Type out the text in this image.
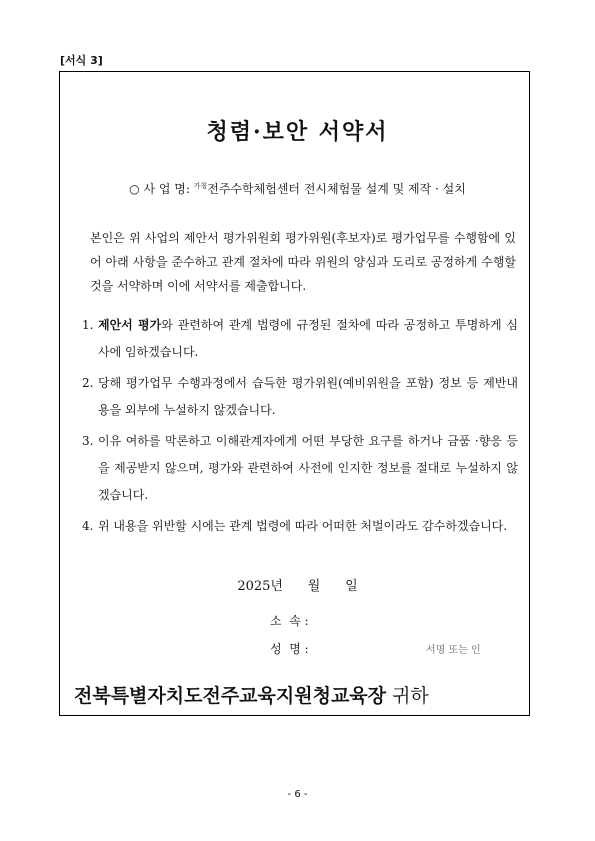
[서식 3]
청렴·보안 서약서
○ 사 업 명: $^{가칭}$전주수학체험센터 전시체험물 설계 및 제작 · 설치
본인은 위 사업의 제안서 평가위원회 평가위원(후보자)로 평가업무를 수행함에 있어 아래 사항을 준수하고 관계 절차에 따라 위원의 양심과 도리로 공정하게 수행할 것을 서약하며 이에 서약서를 제출합니다.
1. 제안서 평가와 관련하여 관계 법령에 규정된 절차에 따라 공정하고 투명하게 심사에 임하겠습니다.
2. 당해 평가업무 수행과정에서 습득한 평가위원(예비위원을 포함) 정보 등 제반내용을 외부에 누설하지 않겠습니다.
3. 이유 여하를 막론하고 이해관계자에게 어떤 부당한 요구를 하거나 금품 ·향응 등을 제공받지 않으며, 평가와 관련하여 사전에 인지한 정보를 절대로 누설하지 않겠습니다.
4. 위 내용을 위반할 시에는 관계 법령에 따라 어떠한 처벌이라도 감수하겠습니다.
2025년      월      일
소  속 :
성  명 :	서명 또는 인
전북특별자치도전주교육지원청교육장 귀하
- 6 -
